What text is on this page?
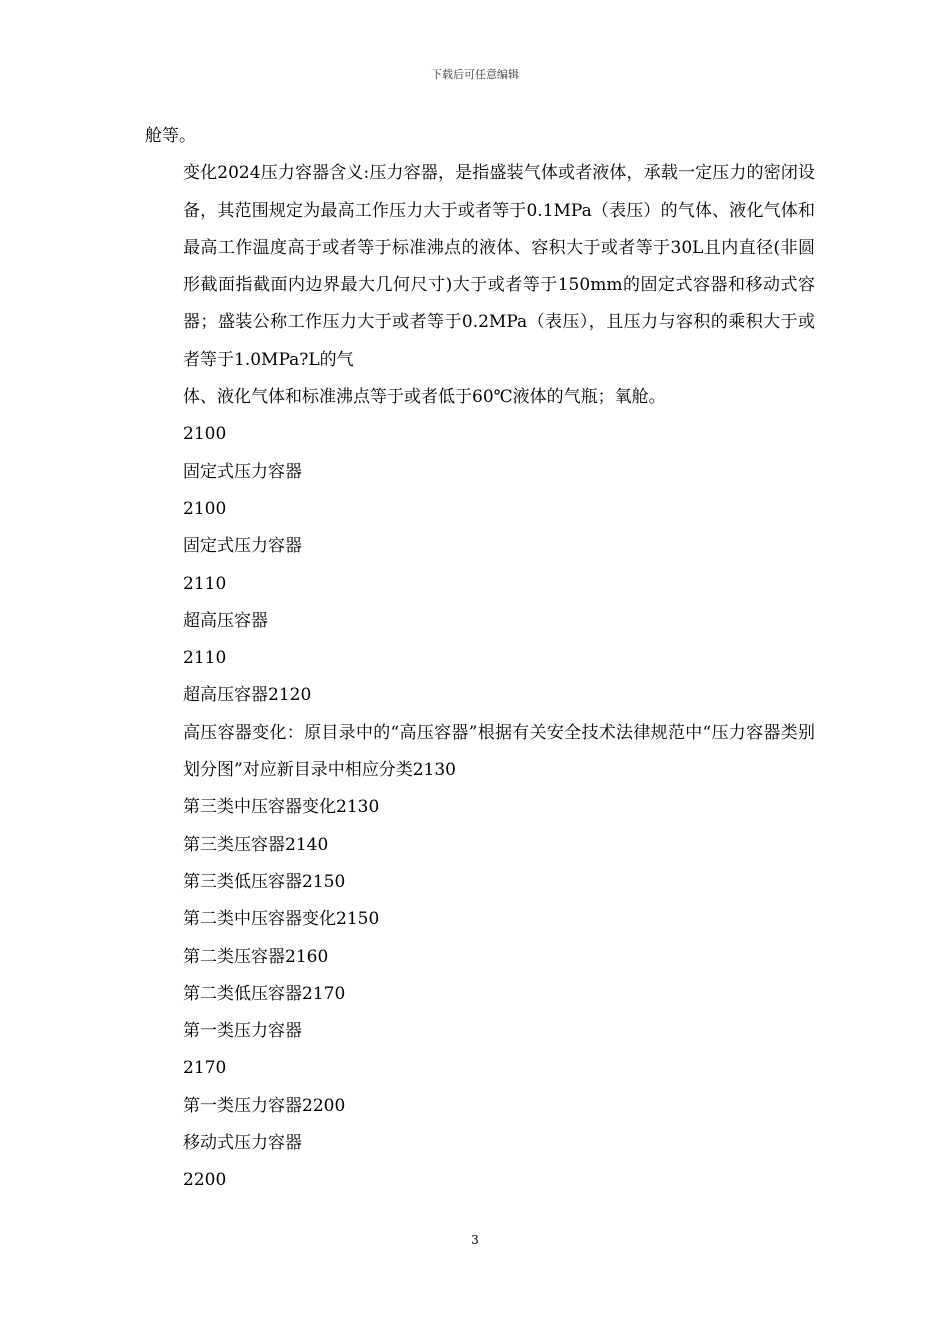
下载后可任意编辑

舱等。

变化2024压力容器含义:压力容器，是指盛装气体或者液体，承载一定压力的密闭设备，其范围规定为最高工作压力大于或者等于0.1MPa（表压）的气体、液化气体和最高工作温度高于或者等于标准沸点的液体、容积大于或者等于30L且内直径(非圆形截面指截面内边界最大几何尺寸)大于或者等于150mm的固定式容器和移动式容器；盛装公称工作压力大于或者等于0.2MPa（表压），且压力与容积的乘积大于或者等于1.0MPa?L的气

体、液化气体和标准沸点等于或者低于60℃液体的气瓶；氧舱。

2100

固定式压力容器

2100

固定式压力容器

2110

超高压容器

2110

超高压容器2120

高压容器变化：原目录中的“高压容器”根据有关安全技术法律规范中“压力容器类别划分图”对应新目录中相应分类2130

第三类中压容器变化2130

第三类压容器2140

第三类低压容器2150

第二类中压容器变化2150

第二类压容器2160

第二类低压容器2170

第一类压力容器

2170

第一类压力容器2200

移动式压力容器

2200

3
